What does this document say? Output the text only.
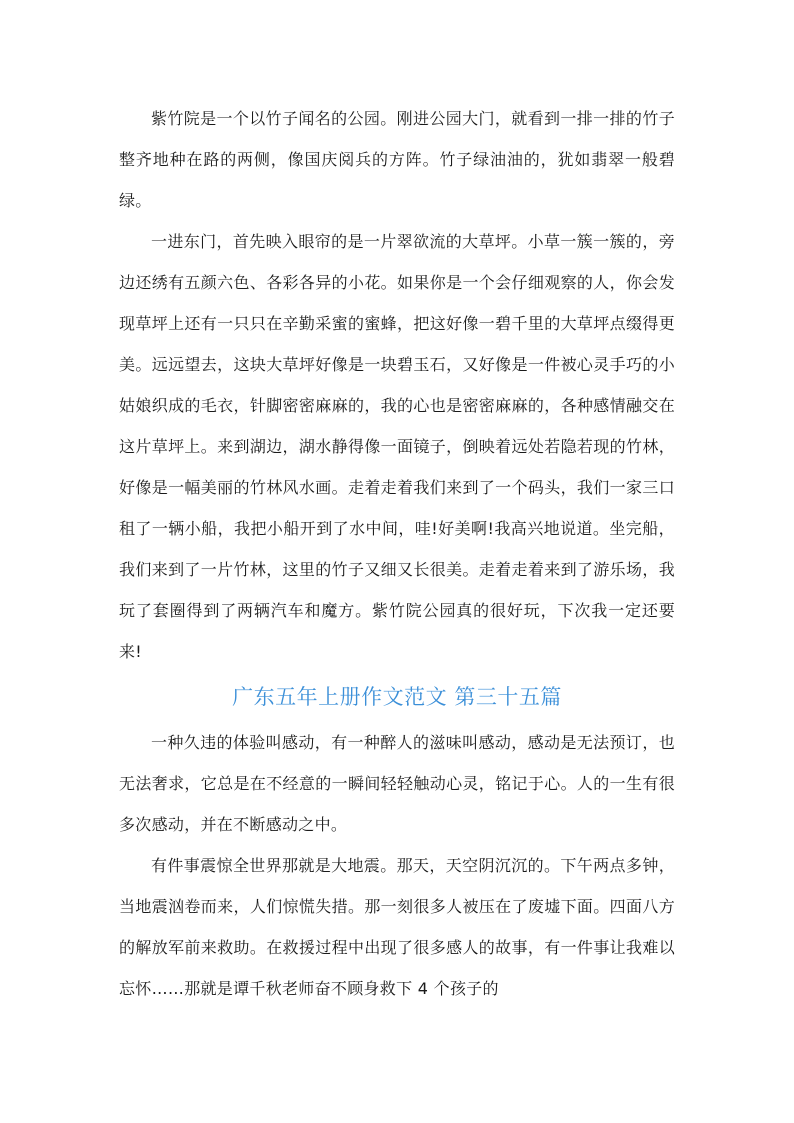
紫竹院是一个以竹子闻名的公园。刚进公园大门，就看到一排一排的竹子整齐地种在路的两侧，像国庆阅兵的方阵。竹子绿油油的，犹如翡翠一般碧绿。

一进东门，首先映入眼帘的是一片翠欲流的大草坪。小草一簇一簇的，旁边还绣有五颜六色、各彩各异的小花。如果你是一个会仔细观察的人，你会发现草坪上还有一只只在辛勤采蜜的蜜蜂，把这好像一碧千里的大草坪点缀得更美。远远望去，这块大草坪好像是一块碧玉石，又好像是一件被心灵手巧的小姑娘织成的毛衣，针脚密密麻麻的，我的心也是密密麻麻的，各种感情融交在这片草坪上。来到湖边，湖水静得像一面镜子，倒映着远处若隐若现的竹林，好像是一幅美丽的竹林风水画。走着走着我们来到了一个码头，我们一家三口租了一辆小船，我把小船开到了水中间，哇!好美啊!我高兴地说道。坐完船，我们来到了一片竹林，这里的竹子又细又长很美。走着走着来到了游乐场，我玩了套圈得到了两辆汽车和魔方。紫竹院公园真的很好玩，下次我一定还要来!

广东五年上册作文范文 第三十五篇

一种久违的体验叫感动，有一种醉人的滋味叫感动，感动是无法预订，也无法奢求，它总是在不经意的一瞬间轻轻触动心灵，铭记于心。人的一生有很多次感动，并在不断感动之中。

有件事震惊全世界那就是大地震。那天，天空阴沉沉的。下午两点多钟，当地震汹卷而来，人们惊慌失措。那一刻很多人被压在了废墟下面。四面八方的解放军前来救助。在救援过程中出现了很多感人的故事，有一件事让我难以忘怀……那就是谭千秋老师奋不顾身救下 4 个孩子的
